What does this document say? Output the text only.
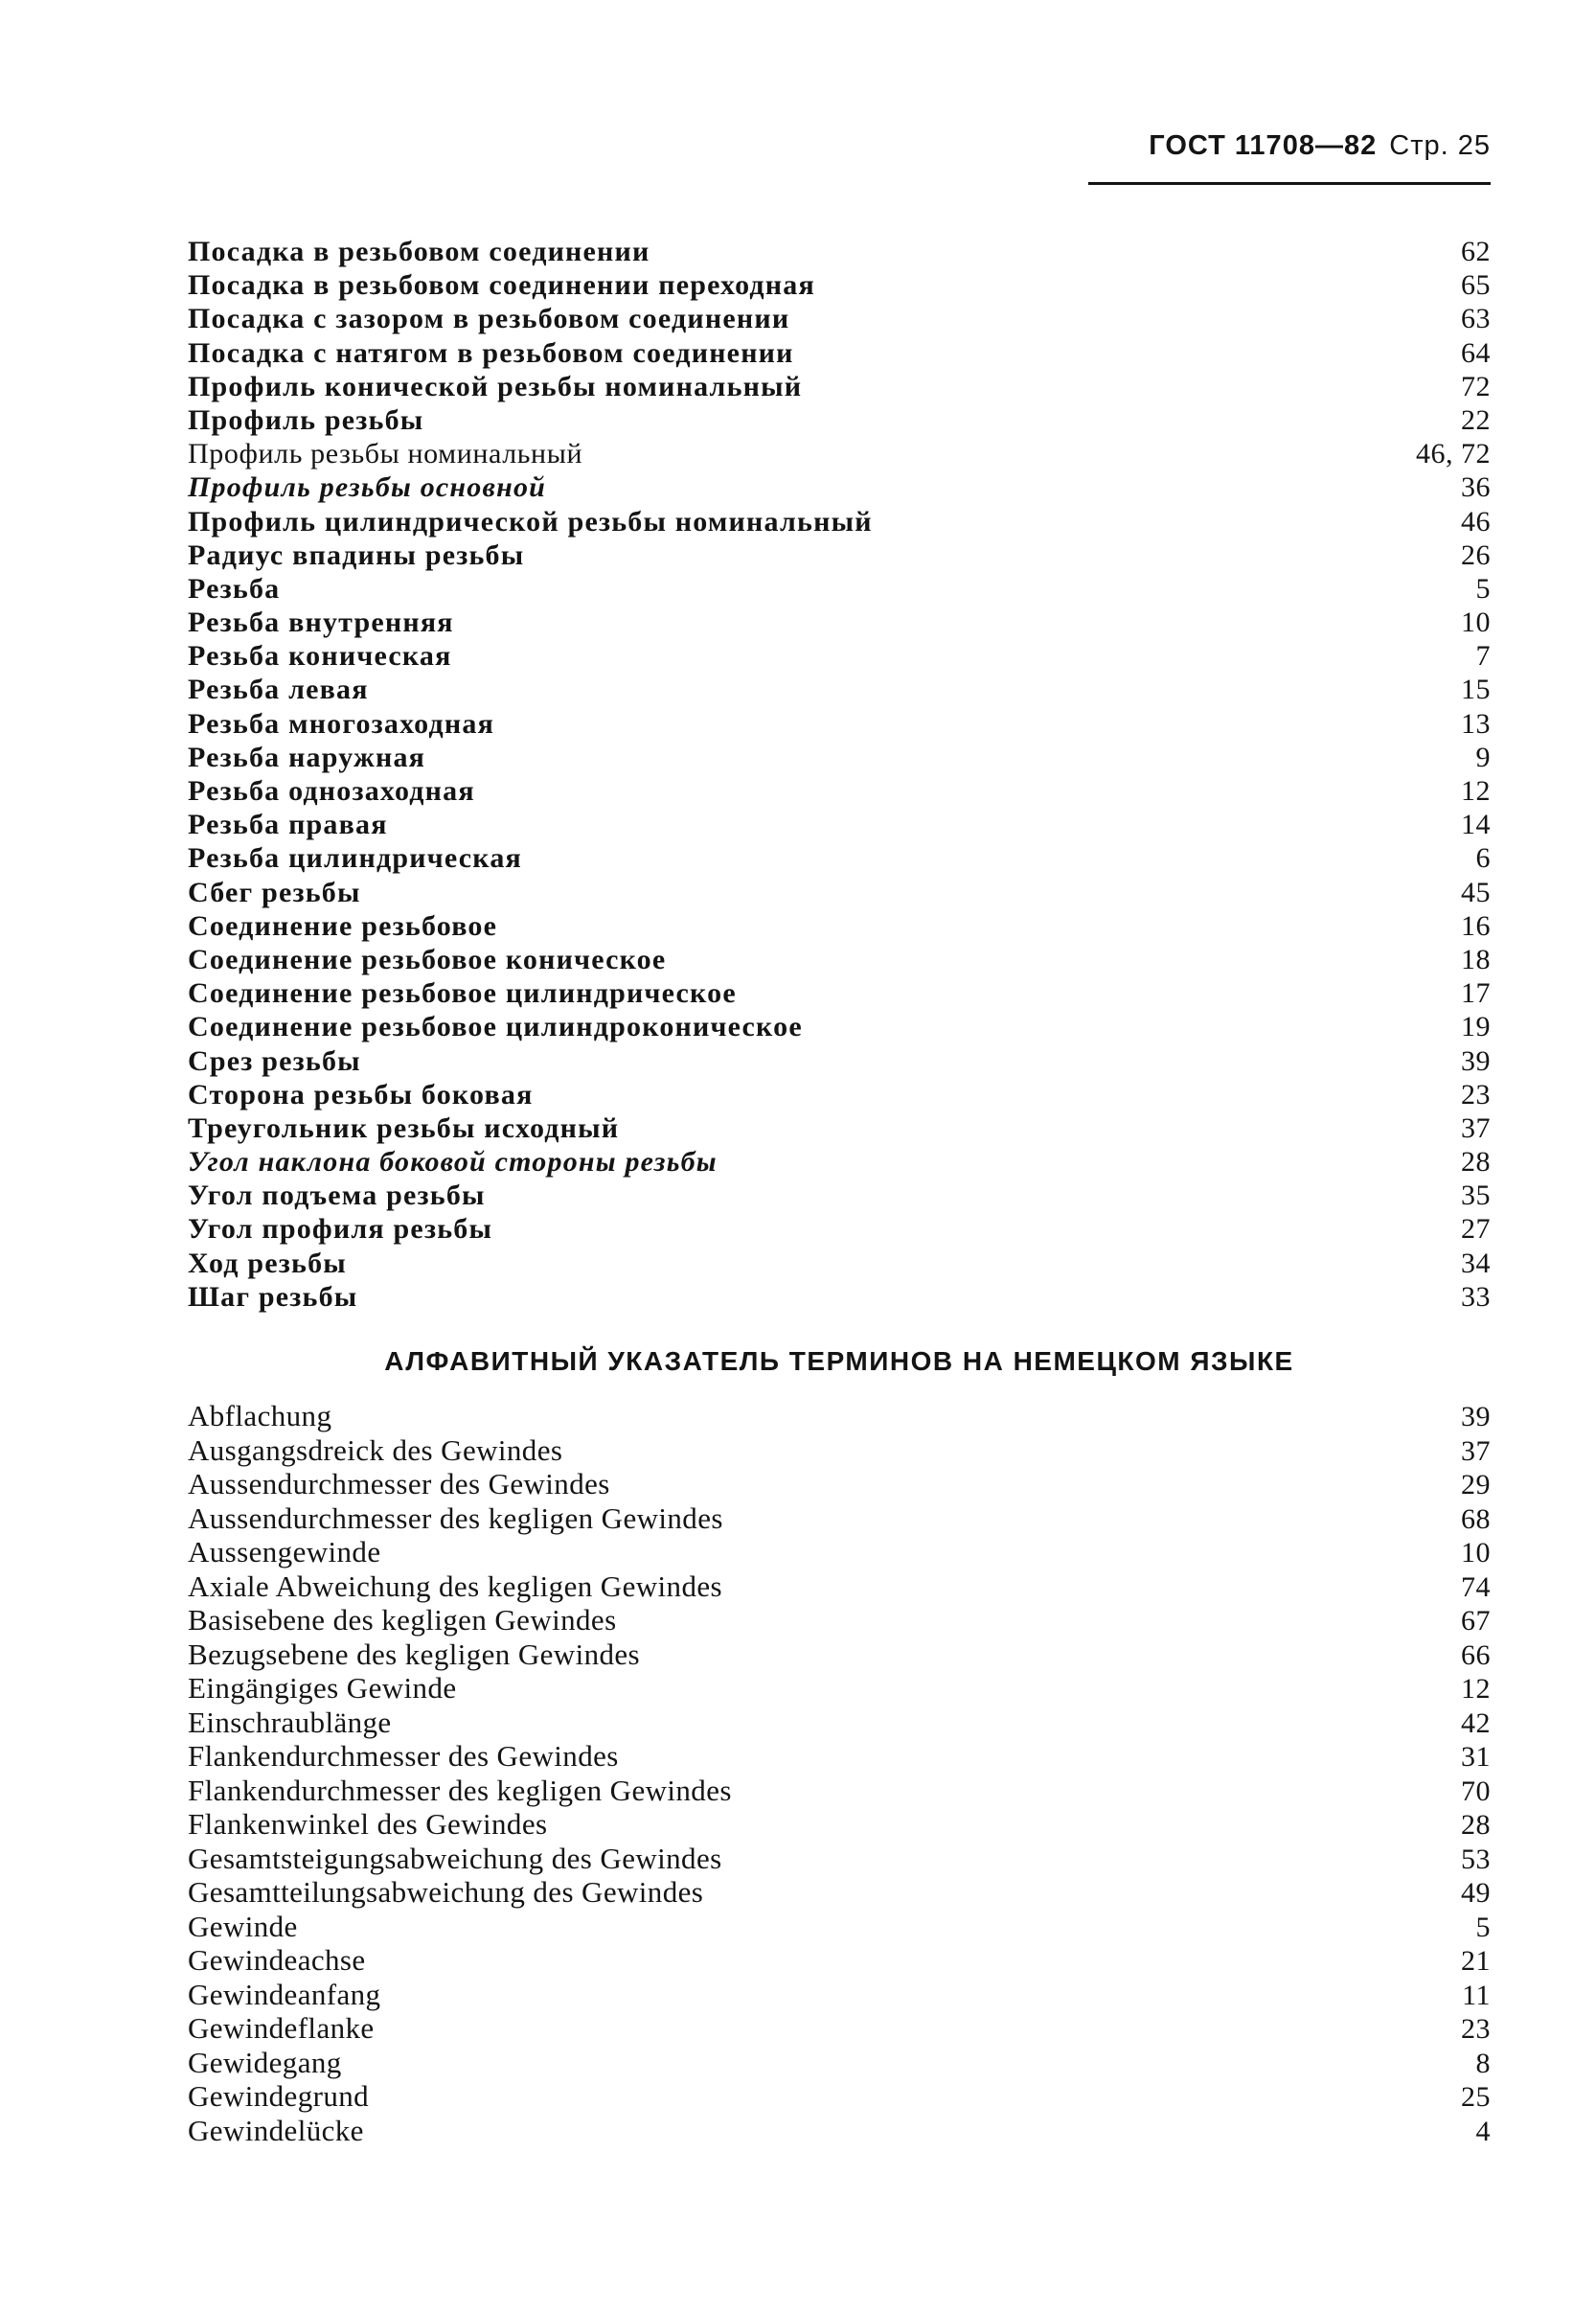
ГОСТ 11708—82 Стр. 25
Посадка в резьбовом соединении	62
Посадка в резьбовом соединении переходная	65
Посадка с зазором в резьбовом соединении	63
Посадка с натягом в резьбовом соединении	64
Профиль конической резьбы номинальный	72
Профиль резьбы	22
Профиль резьбы номинальный	46, 72
Профиль резьбы основной	36
Профиль цилиндрической резьбы номинальный	46
Радиус впадины резьбы	26
Резьба	5
Резьба внутренняя	10
Резьба коническая	7
Резьба левая	15
Резьба многозаходная	13
Резьба наружная	9
Резьба однозаходная	12
Резьба правая	14
Резьба цилиндрическая	6
Сбег резьбы	45
Соединение резьбовое	16
Соединение резьбовое коническое	18
Соединение резьбовое цилиндрическое	17
Соединение резьбовое цилиндроконическое	19
Срез резьбы	39
Сторона резьбы боковая	23
Треугольник резьбы исходный	37
Угол наклона боковой стороны резьбы	28
Угол подъема резьбы	35
Угол профиля резьбы	27
Ход резьбы	34
Шаг резьбы	33
АЛФАВИТНЫЙ УКАЗАТЕЛЬ ТЕРМИНОВ НА НЕМЕЦКОМ ЯЗЫКЕ
Abflachung	39
Ausgangsdreick des Gewindes	37
Aussendurchmesser des Gewindes	29
Aussendurchmesser des kegligen Gewindes	68
Aussengewinde	10
Axiale Abweichung des kegligen Gewindes	74
Basisebene des kegligen Gewindes	67
Bezugsebene des kegligen Gewindes	66
Eingängiges Gewinde	12
Einschraublänge	42
Flankendurchmesser des Gewindes	31
Flankendurchmesser des kegligen Gewindes	70
Flankenwinkel des Gewindes	28
Gesamtsteigungsabweichung des Gewindes	53
Gesamtteilungsabweichung des Gewindes	49
Gewinde	5
Gewindeachse	21
Gewindeanfang	11
Gewindeflanke	23
Gewidegang	8
Gewindegrund	25
Gewindelücke	4
